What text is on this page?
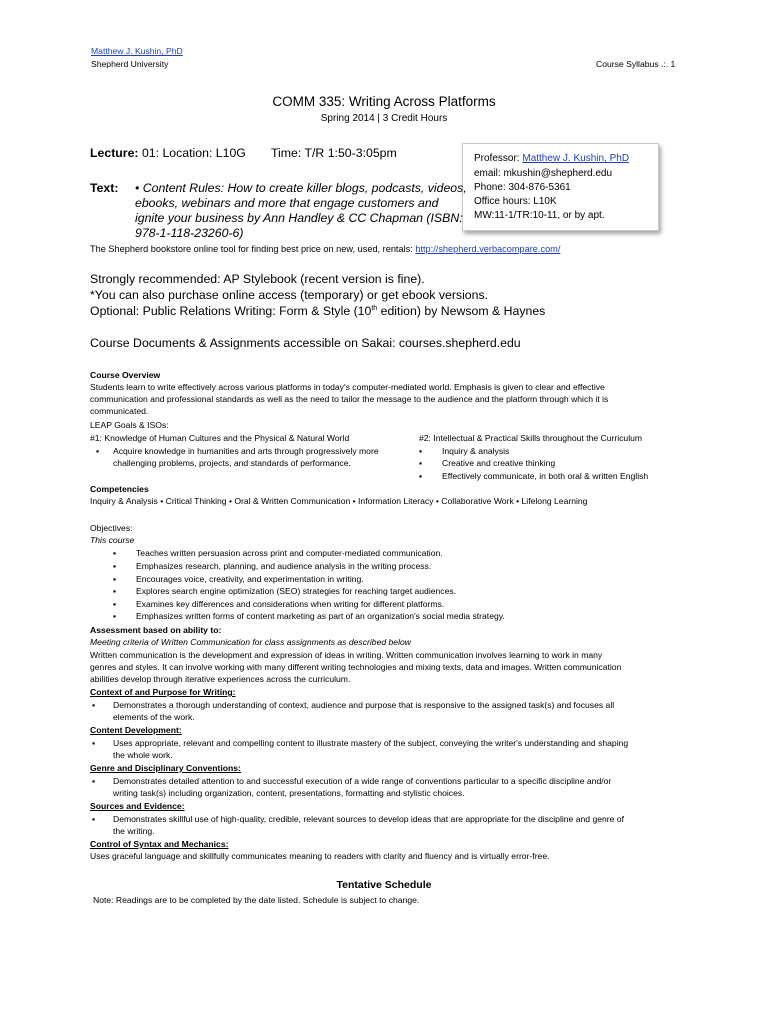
Matthew J. Kushin, PhD
Shepherd University	Course Syllabus .:. 1
COMM 335: Writing Across Platforms
Spring 2014 | 3 Credit Hours
Lecture: 01: Location: L10G Time: T/R 1:50-3:05pm	Professor: Matthew J. Kushin, PhD
email: mkushin@shepherd.edu
Phone: 304-876-5361
Office hours: L10K
MW:11-1/TR:10-11, or by apt.
Text: • Content Rules: How to create killer blogs, podcasts, videos,
ebooks, webinars and more that engage customers and
ignite your business by Ann Handley & CC Chapman (ISBN:
978-1-118-23260-6)
The Shepherd bookstore online tool for finding best price on new, used, rentals: http://shepherd.verbacompare.com/
Strongly recommended: AP Stylebook (recent version is fine).
*You can also purchase online access (temporary) or get ebook versions.
Optional: Public Relations Writing: Form & Style (10th edition) by Newsom & Haynes
Course Documents & Assignments accessible on Sakai: courses.shepherd.edu
Course Overview
Students learn to write effectively across various platforms in today's computer-mediated world. Emphasis is given to clear and effective
communication and professional standards as well as the need to tailor the message to the audience and the platform through which it is
communicated.
LEAP Goals & ISOs:
#1: Knowledge of Human Cultures and the Physical & Natural World	#2: Intellectual & Practical Skills throughout the Curriculum
▪ Acquire knowledge in humanities and arts through progressively more
challenging problems, projects, and standards of performance.
▪ Inquiry & analysis
▪ Creative and creative thinking
▪ Effectively communicate, in both oral & written English
Competencies
Inquiry & Analysis • Critical Thinking • Oral & Written Communication • Information Literacy • Collaborative Work • Lifelong Learning
Objectives:
This course
▪ Teaches written persuasion across print and computer-mediated communication.
▪ Emphasizes research, planning, and audience analysis in the writing process.
▪ Encourages voice, creativity, and experimentation in writing.
▪ Explores search engine optimization (SEO) strategies for reaching target audiences.
▪ Examines key differences and considerations when writing for different platforms.
▪ Emphasizes written forms of content marketing as part of an organization's social media strategy.
Assessment based on ability to:
Meeting criteria of Written Communication for class assignments as described below
Written communication is the development and expression of ideas in writing. Written communication involves learning to work in many
genres and styles. It can involve working with many different writing technologies and mixing texts, data and images. Written communication
abilities develop through iterative experiences across the curriculum.
Context of and Purpose for Writing:
▪ Demonstrates a thorough understanding of context, audience and purpose that is responsive to the assigned task(s) and focuses all
elements of the work.
Content Development:
▪ Uses appropriate, relevant and compelling content to illustrate mastery of the subject, conveying the writer's understanding and shaping
the whole work.
Genre and Disciplinary Conventions:
▪ Demonstrates detailed attention to and successful execution of a wide range of conventions particular to a specific discipline and/or
writing task(s) including organization, content, presentations, formatting and stylistic choices.
Sources and Evidence:
▪ Demonstrates skillful use of high-quality, credible, relevant sources to develop ideas that are appropriate for the discipline and genre of
the writing.
Control of Syntax and Mechanics:
Uses graceful language and skillfully communicates meaning to readers with clarity and fluency and is virtually error-free.
Tentative Schedule
Note: Readings are to be completed by the date listed. Schedule is subject to change.
